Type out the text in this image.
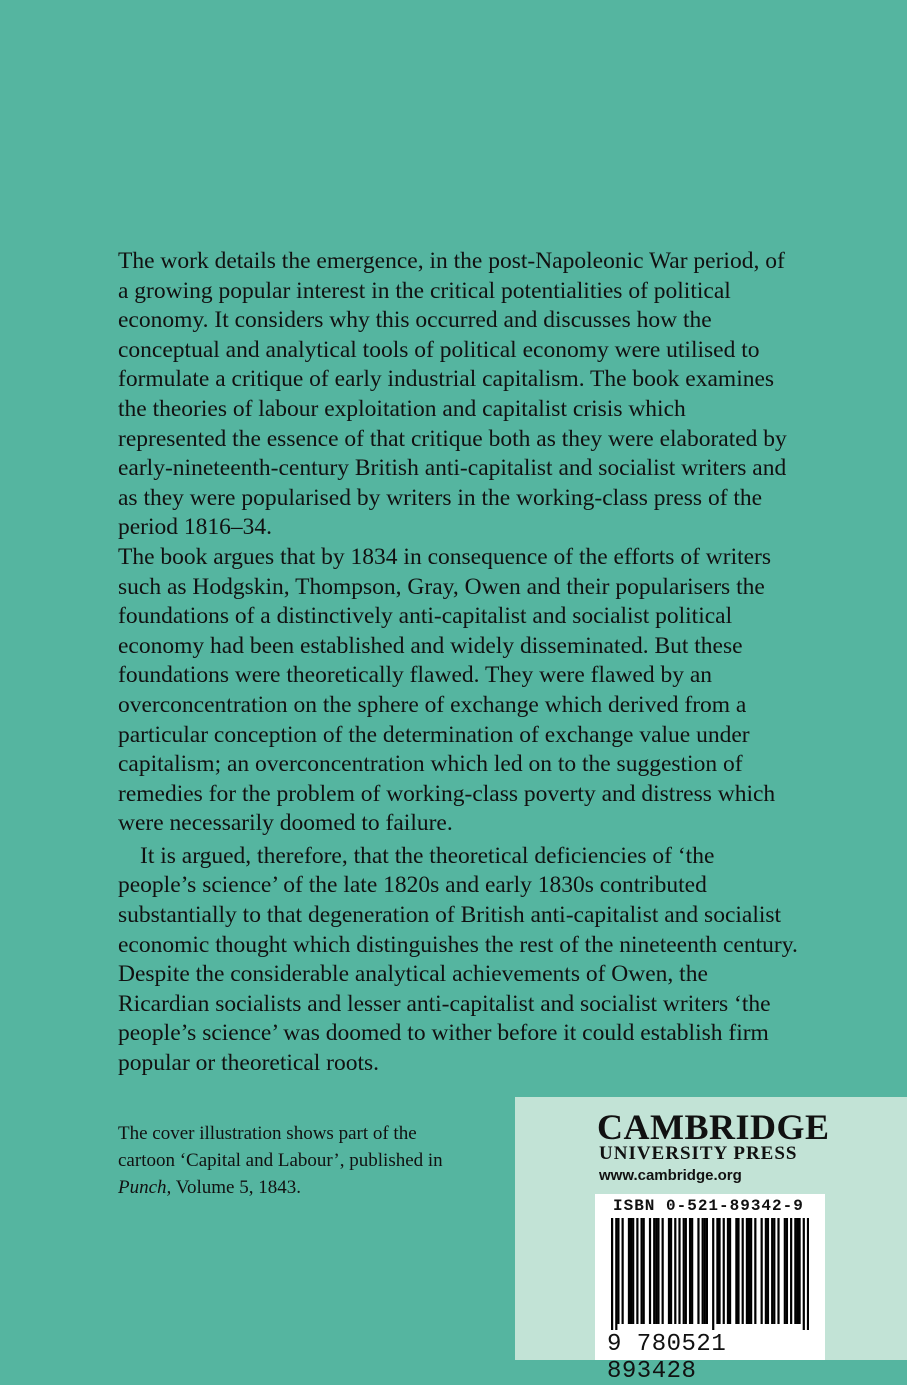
The work details the emergence, in the post-Napoleonic War period, of a growing popular interest in the critical potentialities of political economy. It considers why this occurred and discusses how the conceptual and analytical tools of political economy were utilised to formulate a critique of early industrial capitalism. The book examines the theories of labour exploitation and capitalist crisis which represented the essence of that critique both as they were elaborated by early-nineteenth-century British anti-capitalist and socialist writers and as they were popularised by writers in the working-class press of the period 1816–34.

The book argues that by 1834 in consequence of the efforts of writers such as Hodgskin, Thompson, Gray, Owen and their popularisers the foundations of a distinctively anti-capitalist and socialist political economy had been established and widely disseminated. But these foundations were theoretically flawed. They were flawed by an overconcentration on the sphere of exchange which derived from a particular conception of the determination of exchange value under capitalism; an overconcentration which led on to the suggestion of remedies for the problem of working-class poverty and distress which were necessarily doomed to failure.

It is argued, therefore, that the theoretical deficiencies of ‘the people’s science’ of the late 1820s and early 1830s contributed substantially to that degeneration of British anti-capitalist and socialist economic thought which distinguishes the rest of the nineteenth century. Despite the considerable analytical achievements of Owen, the Ricardian socialists and lesser anti-capitalist and socialist writers ‘the people’s science’ was doomed to wither before it could establish firm popular or theoretical roots.

The cover illustration shows part of the cartoon ‘Capital and Labour’, published in
Punch, Volume 5, 1843.
CAMBRIDGE
UNIVERSITY PRESS
www.cambridge.org
ISBN 0-521-89342-9
9 780521 893428
